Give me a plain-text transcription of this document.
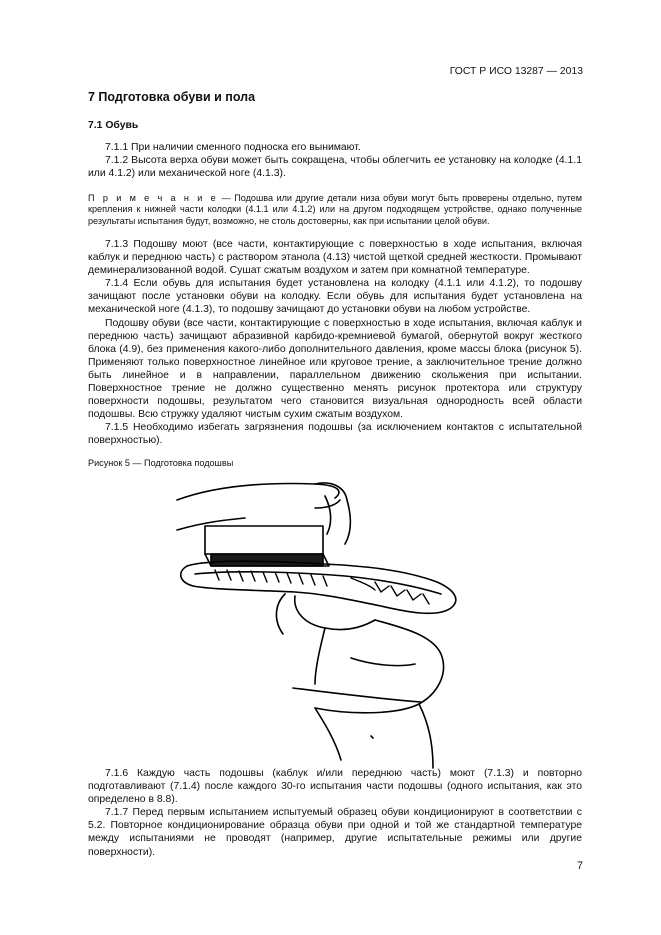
ГОСТ Р ИСО 13287 — 2013
7 Подготовка обуви и пола
7.1 Обувь

7.1.1 При наличии сменного подноска его вынимают.

7.1.2 Высота верха обуви может быть сокращена, чтобы облегчить ее установку на колодке (4.1.1 или 4.1.2) или механической ноге (4.1.3).

П р и м е ч а н и е — Подошва или другие детали низа обуви могут быть проверены отдельно, путем крепления к нижней части колодки (4.1.1 или 4.1.2) или на другом подходящем устройстве, однако полученные результаты испытания будут, возможно, не столь достоверны, как при испытании целой обуви.

7.1.3 Подошву моют (все части, контактирующие с поверхностью в ходе испытания, включая каблук и переднюю часть) с раствором этанола (4.13) чистой щеткой средней жесткости. Промывают деминерализованной водой. Сушат сжатым воздухом и затем при комнатной температуре.

7.1.4 Если обувь для испытания будет установлена на колодку (4.1.1 или 4.1.2), то подошву зачищают после установки обуви на колодку. Если обувь для испытания будет установлена на механической ноге (4.1.3), то подошву зачищают до установки обуви на любом устройстве.

Подошву обуви (все части, контактирующие с поверхностью в ходе испытания, включая каблук и переднюю часть) зачищают абразивной карбидо-кремниевой бумагой, обернутой вокруг жесткого блока (4.9), без применения какого-либо дополнительного давления, кроме массы блока (рисунок 5). Применяют только поверхностное линейное или круговое трение, а заключительное трение должно быть линейное и в направлении, параллельном движению скольжения при испытании. Поверхностное трение не должно существенно менять рисунок протектора или структуру поверхности подошвы, результатом чего становится визуальная однородность всей области подошвы. Всю стружку удаляют чистым сухим сжатым воздухом.

7.1.5 Необходимо избегать загрязнения подошвы (за исключением контактов с испытательной поверхностью).

Рисунок 5 — Подготовка подошвы

7.1.6 Каждую часть подошвы (каблук и/или переднюю часть) моют (7.1.3) и повторно подготавливают (7.1.4) после каждого 30-го испытания части подошвы (одного испытания, как это определено в 8.8).

7.1.7 Перед первым испытанием испытуемый образец обуви кондиционируют в соответствии с 5.2. Повторное кондиционирование образца обуви при одной и той же стандартной температуре между испытаниями не проводят (например, другие испытательные режимы или другие поверхности).

7
